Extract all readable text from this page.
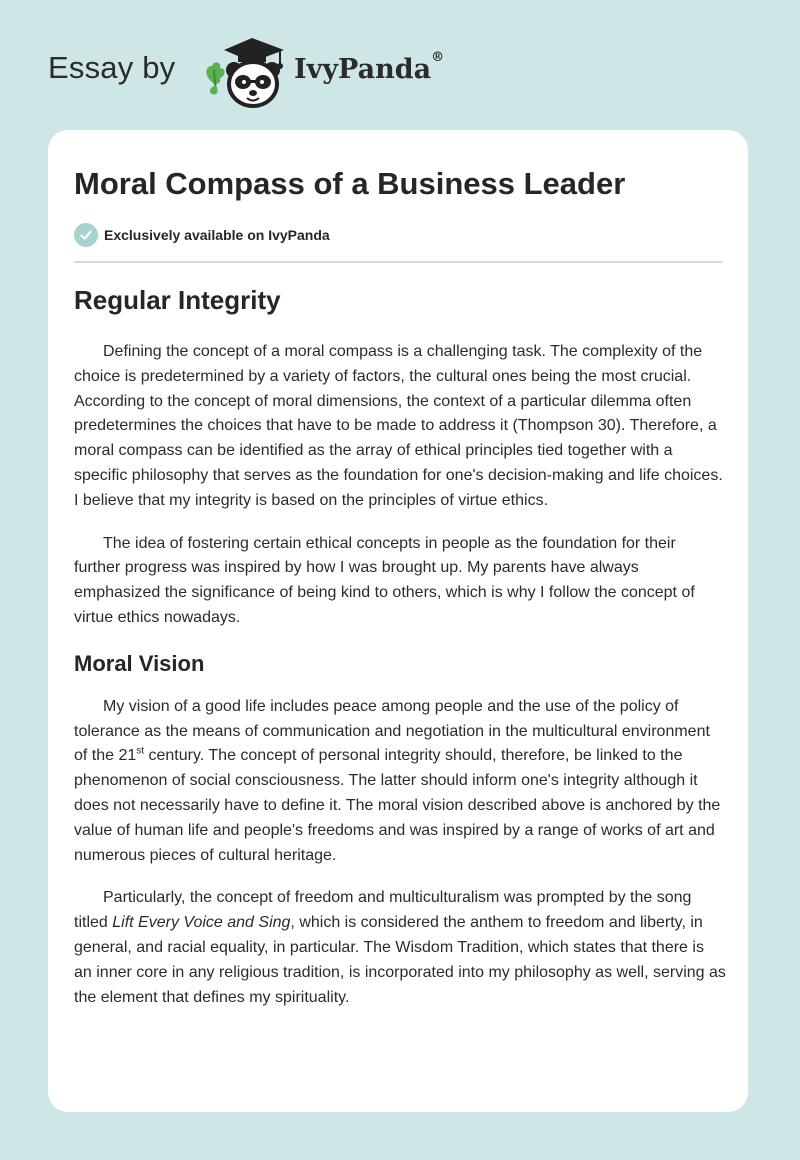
Essay by	IvyPanda®
Moral Compass of a Business Leader
Exclusively available on IvyPanda
Regular Integrity

Defining the concept of a moral compass is a challenging task. The complexity of the choice is predetermined by a variety of factors, the cultural ones being the most crucial. According to the concept of moral dimensions, the context of a particular dilemma often predetermines the choices that have to be made to address it (Thompson 30). Therefore, a moral compass can be identified as the array of ethical principles tied together with a specific philosophy that serves as the foundation for one's decision-making and life choices. I believe that my integrity is based on the principles of virtue ethics.

The idea of fostering certain ethical concepts in people as the foundation for their further progress was inspired by how I was brought up. My parents have always emphasized the significance of being kind to others, which is why I follow the concept of virtue ethics nowadays.

Moral Vision

My vision of a good life includes peace among people and the use of the policy of tolerance as the means of communication and negotiation in the multicultural environment of the 21st century. The concept of personal integrity should, therefore, be linked to the phenomenon of social consciousness. The latter should inform one's integrity although it does not necessarily have to define it. The moral vision described above is anchored by the value of human life and people's freedoms and was inspired by a range of works of art and numerous pieces of cultural heritage.

Particularly, the concept of freedom and multiculturalism was prompted by the song titled Lift Every Voice and Sing, which is considered the anthem to freedom and liberty, in general, and racial equality, in particular. The Wisdom Tradition, which states that there is an inner core in any religious tradition, is incorporated into my philosophy as well, serving as the element that defines my spirituality.
